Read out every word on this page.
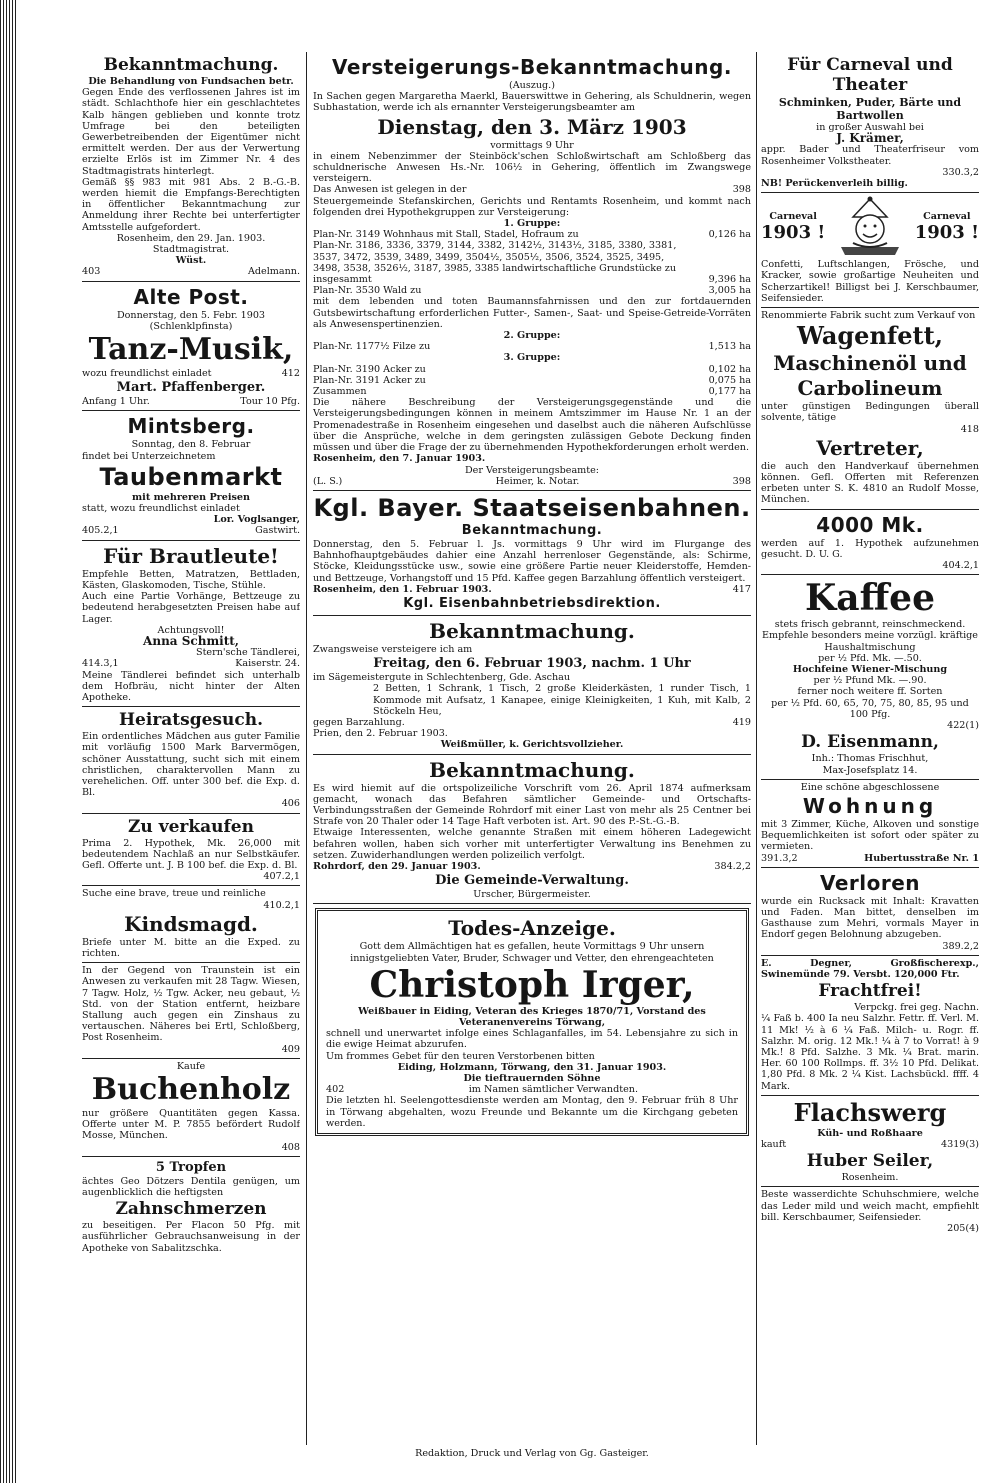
Bekanntmachung.

Die Behandlung von Fundsachen betr.

Gegen Ende des verflossenen Jahres ist im städt. Schlachthofe hier ein geschlachtetes Kalb hängen geblieben und konnte trotz Umfrage bei den beteiligten Gewerbetreibenden der Eigentümer nicht ermittelt werden. Der aus der Verwertung erzielte Erlös ist im Zimmer Nr. 4 des Stadtmagistrats hinterlegt.

Gemäß §§ 983 mit 981 Abs. 2 B.-G.-B. werden hiemit die Empfangs-Berechtigten in öffentlicher Bekanntmachung zur Anmeldung ihrer Rechte bei unterfertigter Amtsstelle aufgefordert.

Rosenheim, den 29. Jan. 1903.

Stadtmagistrat.

Wüst.

403	Adelmann.
Alte Post.

Donnerstag, den 5. Febr. 1903

(Schlenklpfinsta)

Tanz-Musik,
wozu freundlichst einladet	412
Mart. Pfaffenberger.
Anfang 1 Uhr.	Tour 10 Pfg.
Mintsberg.

Sonntag, den 8. Februar

findet bei Unterzeichnetem

Taubenmarkt

mit mehreren Preisen

statt, wozu freundlichst einladet

Lor. Voglsanger,

405.2,1	Gastwirt.
Für Brautleute!

Empfehle Betten, Matratzen, Bettladen, Kästen, Glaskomoden, Tische, Stühle.

Auch eine Partie Vorhänge, Bettzeuge zu bedeutend herabgesetzten Preisen habe auf Lager.

Achtungsvoll!

Anna Schmitt,

Stern'sche Tändlerei,

414.3,1	Kaiserstr. 24.

Meine Tändlerei befindet sich unterhalb dem Hofbräu, nicht hinter der Alten Apotheke.

Heiratsgesuch.

Ein ordentliches Mädchen aus guter Familie mit vorläufig 1500 Mark Barvermögen, schöner Ausstattung, sucht sich mit einem christlichen, charaktervollen Mann zu verehelichen. Off. unter 300 bef. die Exp. d. Bl.

406

Zu verkaufen

Prima 2. Hypothek, Mk. 26,000 mit bedeutendem Nachlaß an nur Selbstkäufer. Gefl. Offerte unt. J. B 100 bef. die Exp. d. Bl.

407.2,1

Suche eine brave, treue und reinliche

410.2,1

Kindsmagd.

Briefe unter M. bitte an die Exped. zu richten.

In der Gegend von Traunstein ist ein Anwesen zu verkaufen mit 28 Tagw. Wiesen, 7 Tagw. Holz, ½ Tgw. Acker, neu gebaut, ½ Std. von der Station entfernt, heizbare Stallung auch gegen ein Zinshaus zu vertauschen. Näheres bei Ertl, Schloßberg, Post Rosenheim.

409

Kaufe

Buchenholz

nur größere Quantitäten gegen Kassa. Offerte unter M. P. 7855 befördert Rudolf Mosse, München.

408

5 Tropfen

ächtes Geo Dötzers Dentila genügen, um augenblicklich die heftigsten

Zahnschmerzen

zu beseitigen. Per Flacon 50 Pfg. mit ausführlicher Gebrauchsanweisung in der Apotheke von Sabalitzschka.

Versteigerungs-Bekanntmachung.

(Auszug.)

In Sachen gegen Margaretha Maerkl, Bauerswittwe in Gehering, als Schuldnerin, wegen Subhastation, werde ich als ernannter Versteigerungsbeamter am

Dienstag, den 3. März 1903

vormittags 9 Uhr

in einem Nebenzimmer der Steinböck'schen Schloßwirtschaft am Schloßberg das schuldnerische Anwesen Hs.-Nr. 106½ in Gehering, öffentlich im Zwangswege versteigern.

Das Anwesen ist gelegen in der	398

Steuergemeinde Stefanskirchen, Gerichts und Rentamts Rosenheim, und kommt nach folgenden drei Hypothekgruppen zur Versteigerung:

1. Gruppe:

Plan-Nr. 3149 Wohnhaus mit Stall, Stadel, Hofraum zu	0,126 ha
Plan-Nr. 3186, 3336, 3379, 3144, 3382, 3142½, 3143½, 3185, 3380, 3381, 3537, 3472, 3539, 3489, 3499, 3504½, 3505½, 3506, 3524, 3525, 3495, 3498, 3538, 3526½, 3187, 3985, 3385 landwirtschaftliche Grundstücke zu insgesammt	9,396 ha
Plan-Nr. 3530 Wald zu	3,005 ha

mit dem lebenden und toten Baumannsfahrnissen und den zur fortdauernden Gutsbewirtschaftung erforderlichen Futter-, Samen-, Saat- und Speise-Getreide-Vorräten als Anwesenspertinenzien.

2. Gruppe:

Plan-Nr. 1177½ Filze zu	1,513 ha

3. Gruppe:

Plan-Nr. 3190 Acker zu	0,102 ha
Plan-Nr. 3191 Acker zu	0,075 ha
Zusammen	0,177 ha

Die nähere Beschreibung der Versteigerungsgegenstände und die Versteigerungsbedingungen können in meinem Amtszimmer im Hause Nr. 1 an der Promenadestraße in Rosenheim eingesehen und daselbst auch die näheren Aufschlüsse über die Ansprüche, welche in dem geringsten zulässigen Gebote Deckung finden müssen und über die Frage der zu übernehmenden Hypothekforderungen erholt werden.

Rosenheim, den 7. Januar 1903.

Der Versteigerungsbeamte:

(L. S.)	Heimer, k. Notar.	398
Kgl. Bayer. Staatseisenbahnen.
Bekanntmachung.

Donnerstag, den 5. Februar l. Js. vormittags 9 Uhr wird im Flurgange des Bahnhofhauptgebäudes dahier eine Anzahl herrenloser Gegenstände, als: Schirme, Stöcke, Kleidungsstücke usw., sowie eine größere Partie neuer Kleiderstoffe, Hemden- und Bettzeuge, Vorhangstoff und 15 Pfd. Kaffee gegen Barzahlung öffentlich versteigert.

Rosenheim, den 1. Februar 1903.	417
Kgl. Eisenbahnbetriebsdirektion.
Bekanntmachung.

Zwangsweise versteigere ich am

Freitag, den 6. Februar 1903, nachm. 1 Uhr

im Sägemeistergute in Schlechtenberg, Gde. Aschau

2 Betten, 1 Schrank, 1 Tisch, 2 große Kleiderkästen, 1 runder Tisch, 1 Kommode mit Aufsatz, 1 Kanapee, einige Kleinigkeiten, 1 Kuh, mit Kalb, 2 Stöckeln Heu,

gegen Barzahlung.	419

Prien, den 2. Februar 1903.

Weißmüller, k. Gerichtsvollzieher.

Bekanntmachung.

Es wird hiemit auf die ortspolizeiliche Vorschrift vom 26. April 1874 aufmerksam gemacht, wonach das Befahren sämtlicher Gemeinde- und Ortschafts-Verbindungsstraßen der Gemeinde Rohrdorf mit einer Last von mehr als 25 Centner bei Strafe von 20 Thaler oder 14 Tage Haft verboten ist. Art. 90 des P.-St.-G.-B.

Etwaige Interessenten, welche genannte Straßen mit einem höheren Ladegewicht befahren wollen, haben sich vorher mit unterfertigter Verwaltung ins Benehmen zu setzen. Zuwiderhandlungen werden polizeilich verfolgt.

Rohrdorf, den 29. Januar 1903.	384.2,2
Die Gemeinde-Verwaltung.

Urscher, Bürgermeister.

Todes-Anzeige.

Gott dem Allmächtigen hat es gefallen, heute Vormittags 9 Uhr unsern innigstgeliebten Vater, Bruder, Schwager und Vetter, den ehrengeachteten

Christoph Irger,

Weißbauer in Eiding, Veteran des Krieges 1870/71, Vorstand des Veteranenvereins Törwang,

schnell und unerwartet infolge eines Schlaganfalles, im 54. Lebensjahre zu sich in die ewige Heimat abzurufen.

Um frommes Gebet für den teuren Verstorbenen bitten

Eiding, Holzmann, Törwang, den 31. Januar 1903.

Die tieftrauernden Söhne

402	im Namen sämtlicher Verwandten.

Die letzten hl. Seelengottesdienste werden am Montag, den 9. Februar früh 8 Uhr in Törwang abgehalten, wozu Freunde und Bekannte um die Kirchgang gebeten werden.

Für Carneval und Theater

Schminken, Puder, Bärte und Bartwollen

in großer Auswahl bei

J. Krämer,

appr. Bader und Theaterfriseur vom Rosenheimer Volkstheater.

330.3,2

NB! Perückenverleih billig.

Carneval
1903 !
Carneval
1903 !

Confetti, Luftschlangen, Frösche, und Kracker, sowie großartige Neuheiten und Scherzartikel! Billigst bei J. Kerschbaumer, Seifensieder.

Renommierte Fabrik sucht zum Verkauf von

Wagenfett,
Maschinenöl und
Carbolineum

unter günstigen Bedingungen überall solvente, tätige

418

Vertreter,

die auch den Handverkauf übernehmen können. Gefl. Offerten mit Referenzen erbeten unter S. K. 4810 an Rudolf Mosse, München.

4000 Mk.

werden auf 1. Hypothek aufzunehmen gesucht. D. U. G.

404.2,1

Kaffee

stets frisch gebrannt, reinschmeckend.

Empfehle besonders meine vorzügl. kräftige Haushaltmischung

per ½ Pfd. Mk. —.50.

Hochfeine Wiener-Mischung

per ½ Pfund Mk. —.90.

ferner noch weitere ff. Sorten

per ½ Pfd. 60, 65, 70, 75, 80, 85, 95 und 100 Pfg.

422(1)

D. Eisenmann,

Inh.: Thomas Frischhut,

Max-Josefsplatz 14.

Eine schöne abgeschlossene

Wohnung

mit 3 Zimmer, Küche, Alkoven und sonstige Bequemlichkeiten ist sofort oder später zu vermieten.

391.3,2	Hubertusstraße Nr. 1
Verloren

wurde ein Rucksack mit Inhalt: Kravatten und Faden. Man bittet, denselben im Gasthause zum Mehri, vormals Mayer in Endorf gegen Belohnung abzugeben.

389.2,2

E. Degner, Großfischerexp., Swinemünde 79. Versbt. 120,000 Ftr.

Frachtfrei!

Verpckg. frei geg. Nachn.

¼ Faß b. 400 Ia neu Salzhr. Fettr. ff. Verl. M. 11 Mk! ½ à 6 ¼ Faß. Milch- u. Rogr. ff. Salzhr. M. orig. 12 Mk.! ¼ à 7 to Vorrat! à 9 Mk.! 8 Pfd. Salzhe. 3 Mk. ¼ Brat. marin. Her. 60 100 Rollmps. ff. 3½ 10 Pfd. Delikat. 1,80 Pfd. 8 Mk. 2 ¼ Kist. Lachsbückl. ffff. 4 Mark.

Flachswerg

Küh- und Roßhaare

kauft	4319(3)
Huber Seiler,

Rosenheim.

Beste wasserdichte Schuhschmiere, welche das Leder mild und weich macht, empfiehlt bill. Kerschbaumer, Seifensieder.

205(4)

Redaktion, Druck und Verlag von Gg. Gasteiger.
